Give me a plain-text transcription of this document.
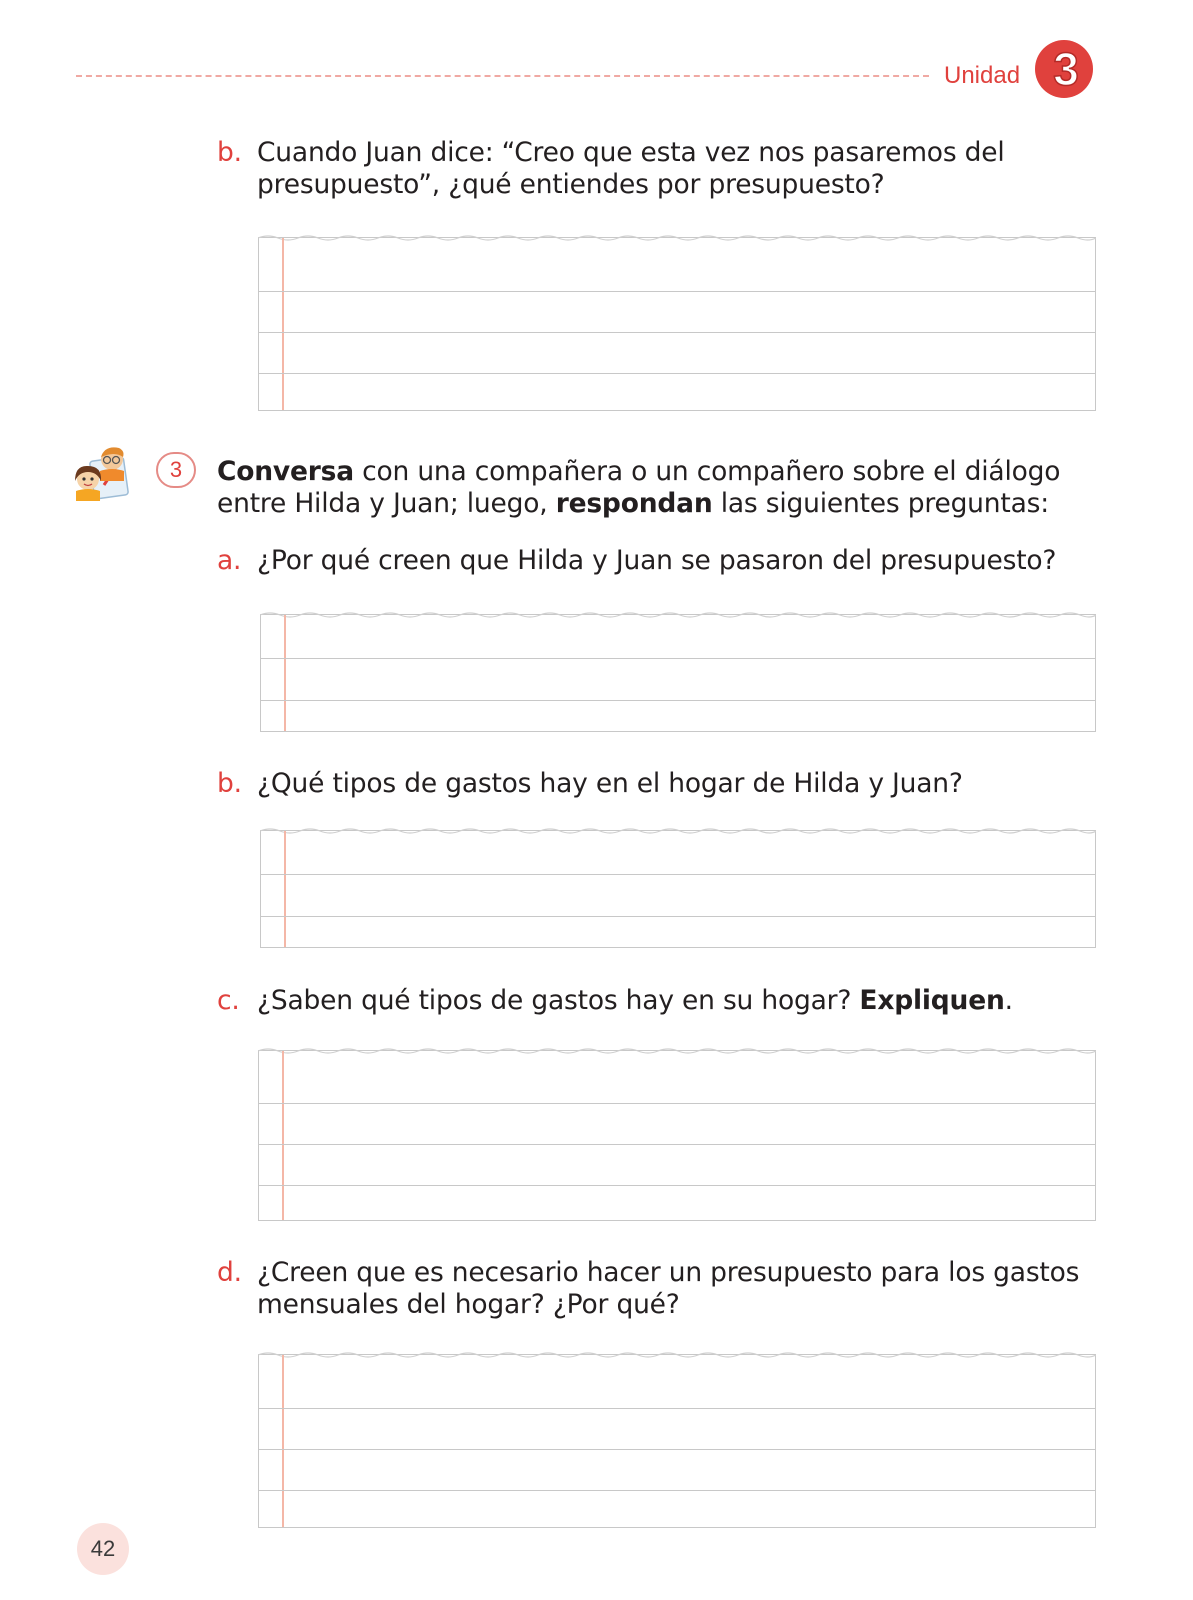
Unidad 3
b. Cuando Juan dice: “Creo que esta vez nos pasaremos del
presupuesto”, ¿qué entiendes por presupuesto?
3	Conversa con una compañera o un compañero sobre el diálogo
entre Hilda y Juan; luego, respondan las siguientes preguntas:
a. ¿Por qué creen que Hilda y Juan se pasaron del presupuesto?
b. ¿Qué tipos de gastos hay en el hogar de Hilda y Juan?
c. ¿Saben qué tipos de gastos hay en su hogar? Expliquen.
d. ¿Creen que es necesario hacer un presupuesto para los gastos
mensuales del hogar? ¿Por qué?
42
